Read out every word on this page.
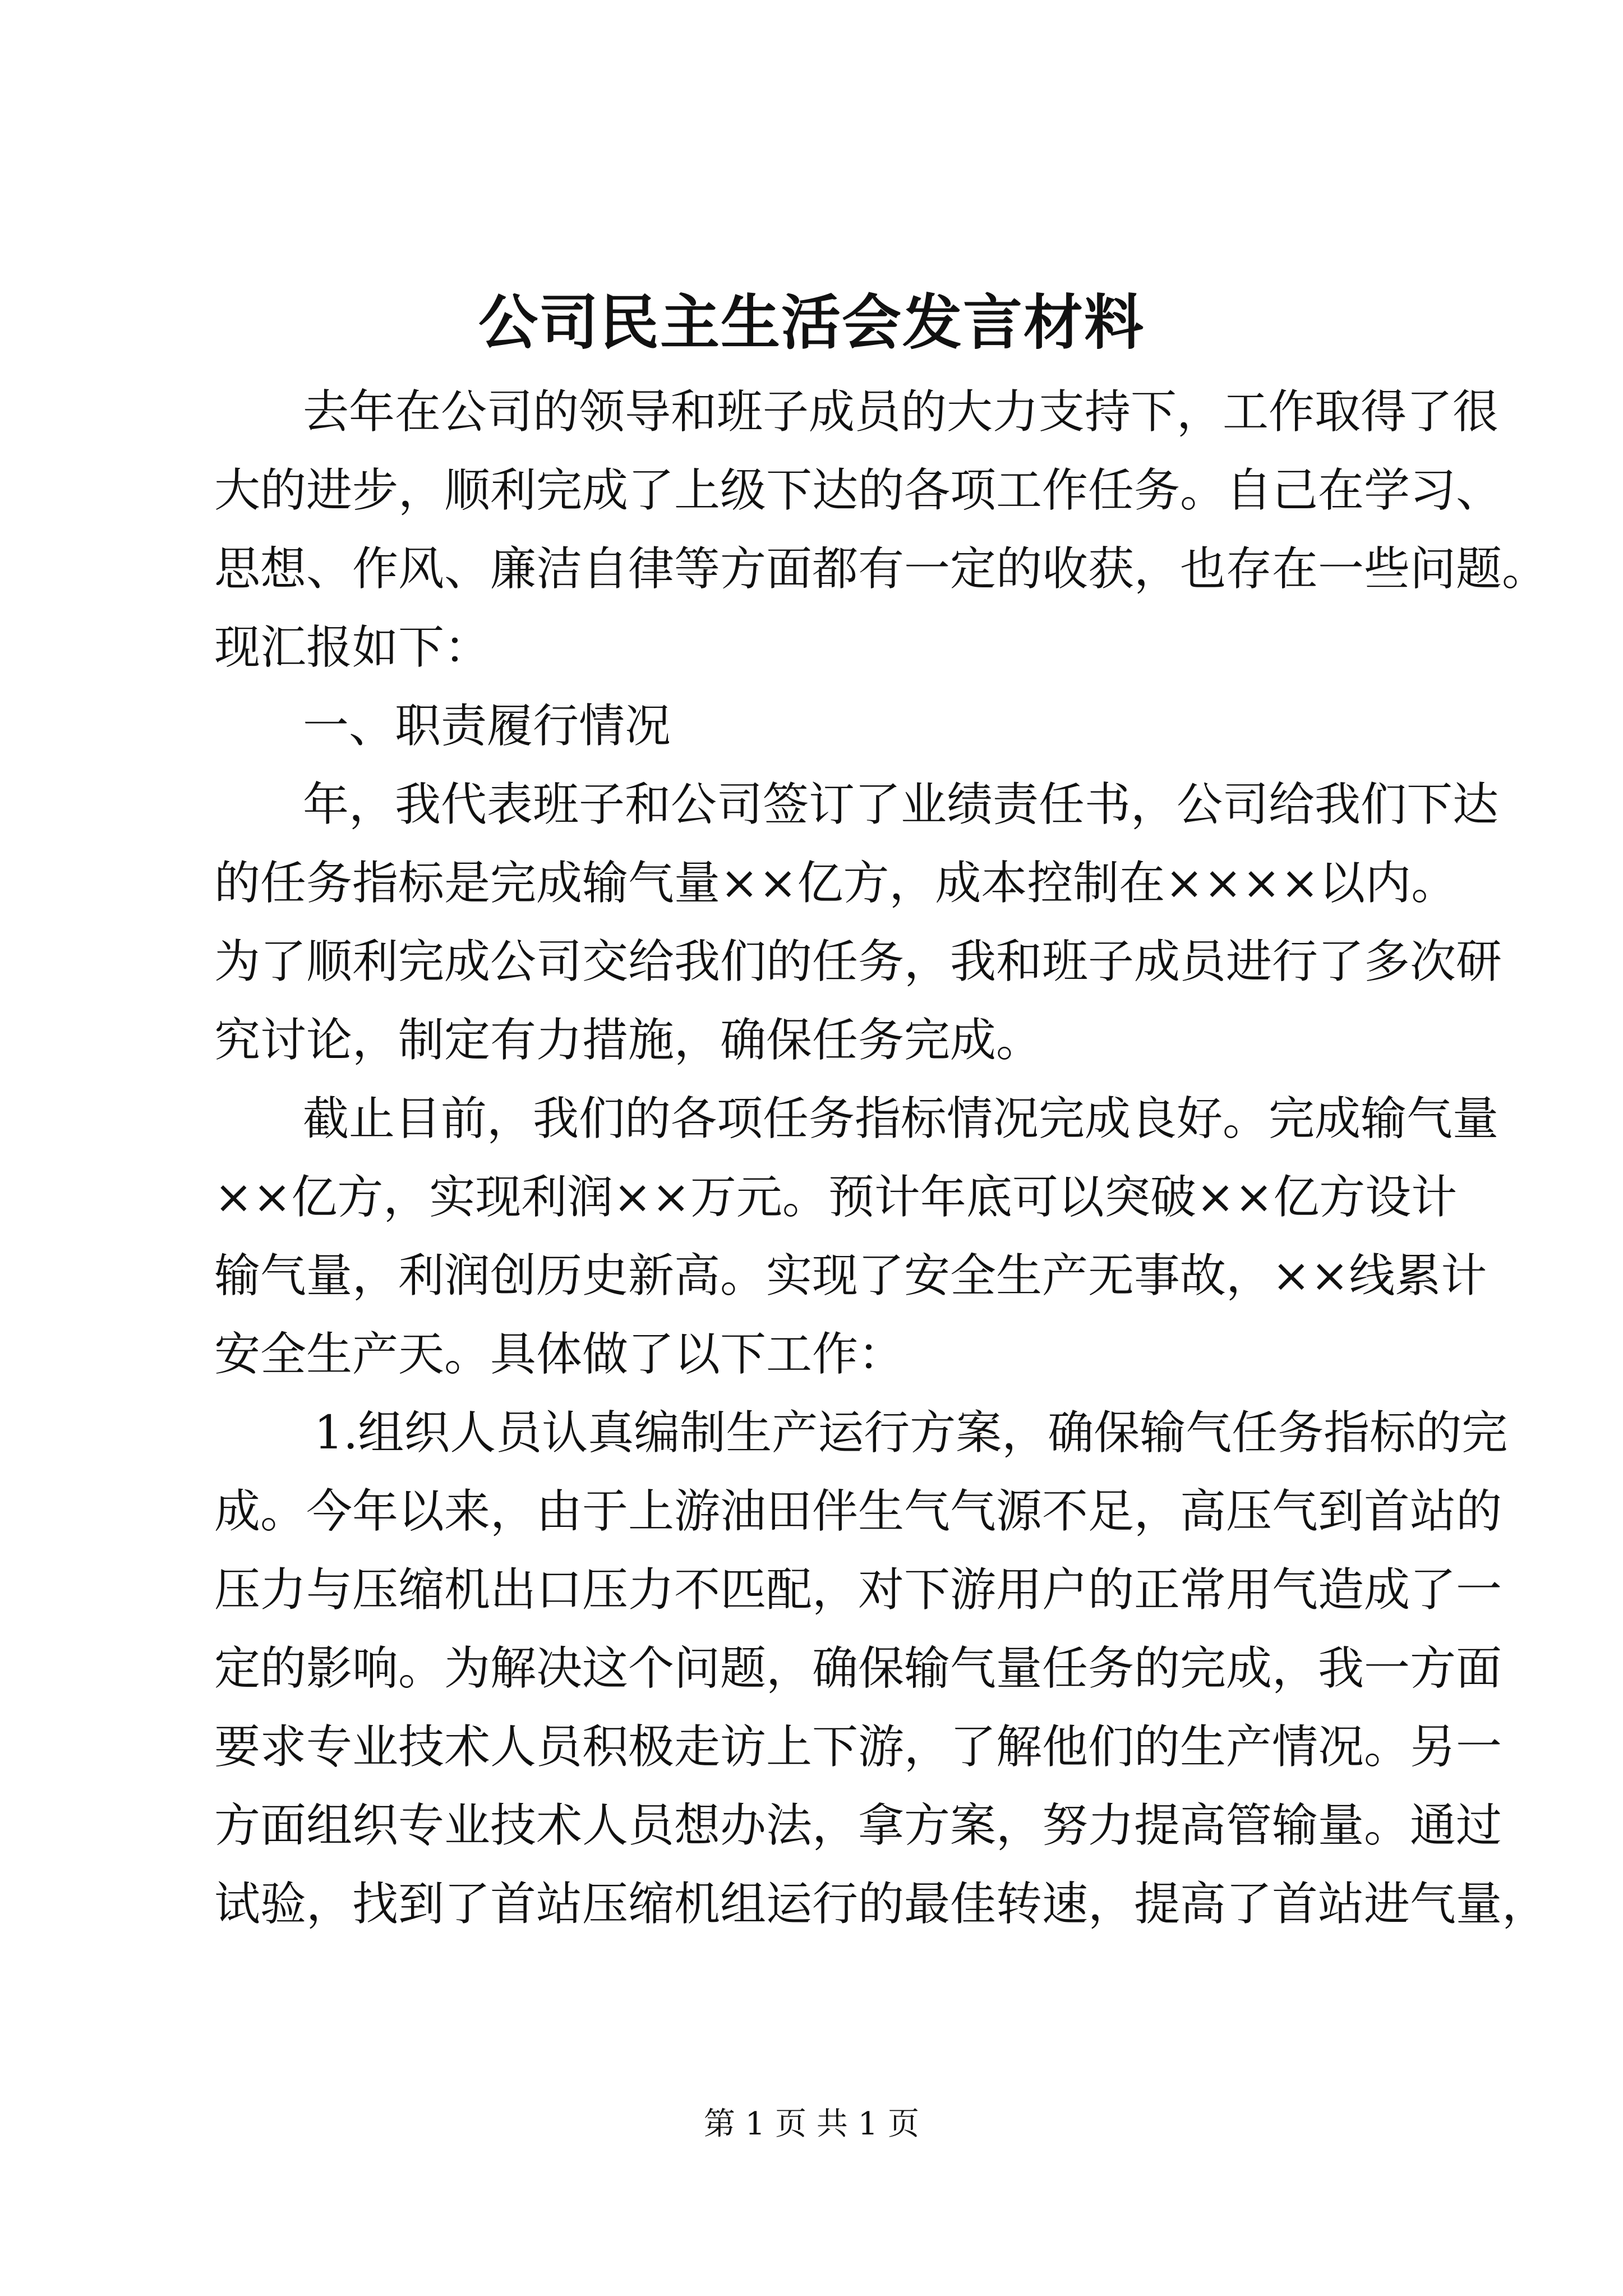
公司民主生活会发言材料

去年在公司的领导和班子成员的大力支持下，工作取得了很

大的进步，顺利完成了上级下达的各项工作任务。自己在学习、

思想、作风、廉洁自律等方面都有一定的收获，也存在一些问题。

现汇报如下：

一、职责履行情况

年，我代表班子和公司签订了业绩责任书，公司给我们下达

的任务指标是完成输气量××亿方，成本控制在××××以内。

为了顺利完成公司交给我们的任务，我和班子成员进行了多次研

究讨论，制定有力措施，确保任务完成。

截止目前，我们的各项任务指标情况完成良好。完成输气量

××亿方，实现利润××万元。预计年底可以突破××亿方设计

输气量，利润创历史新高。实现了安全生产无事故，××线累计

安全生产天。具体做了以下工作：

1.组织人员认真编制生产运行方案，确保输气任务指标的完

成。今年以来，由于上游油田伴生气气源不足，高压气到首站的

压力与压缩机出口压力不匹配，对下游用户的正常用气造成了一

定的影响。为解决这个问题，确保输气量任务的完成，我一方面

要求专业技术人员积极走访上下游，了解他们的生产情况。另一

方面组织专业技术人员想办法，拿方案，努力提高管输量。通过

试验，找到了首站压缩机组运行的最佳转速，提高了首站进气量，

第 1 页 共 1 页
